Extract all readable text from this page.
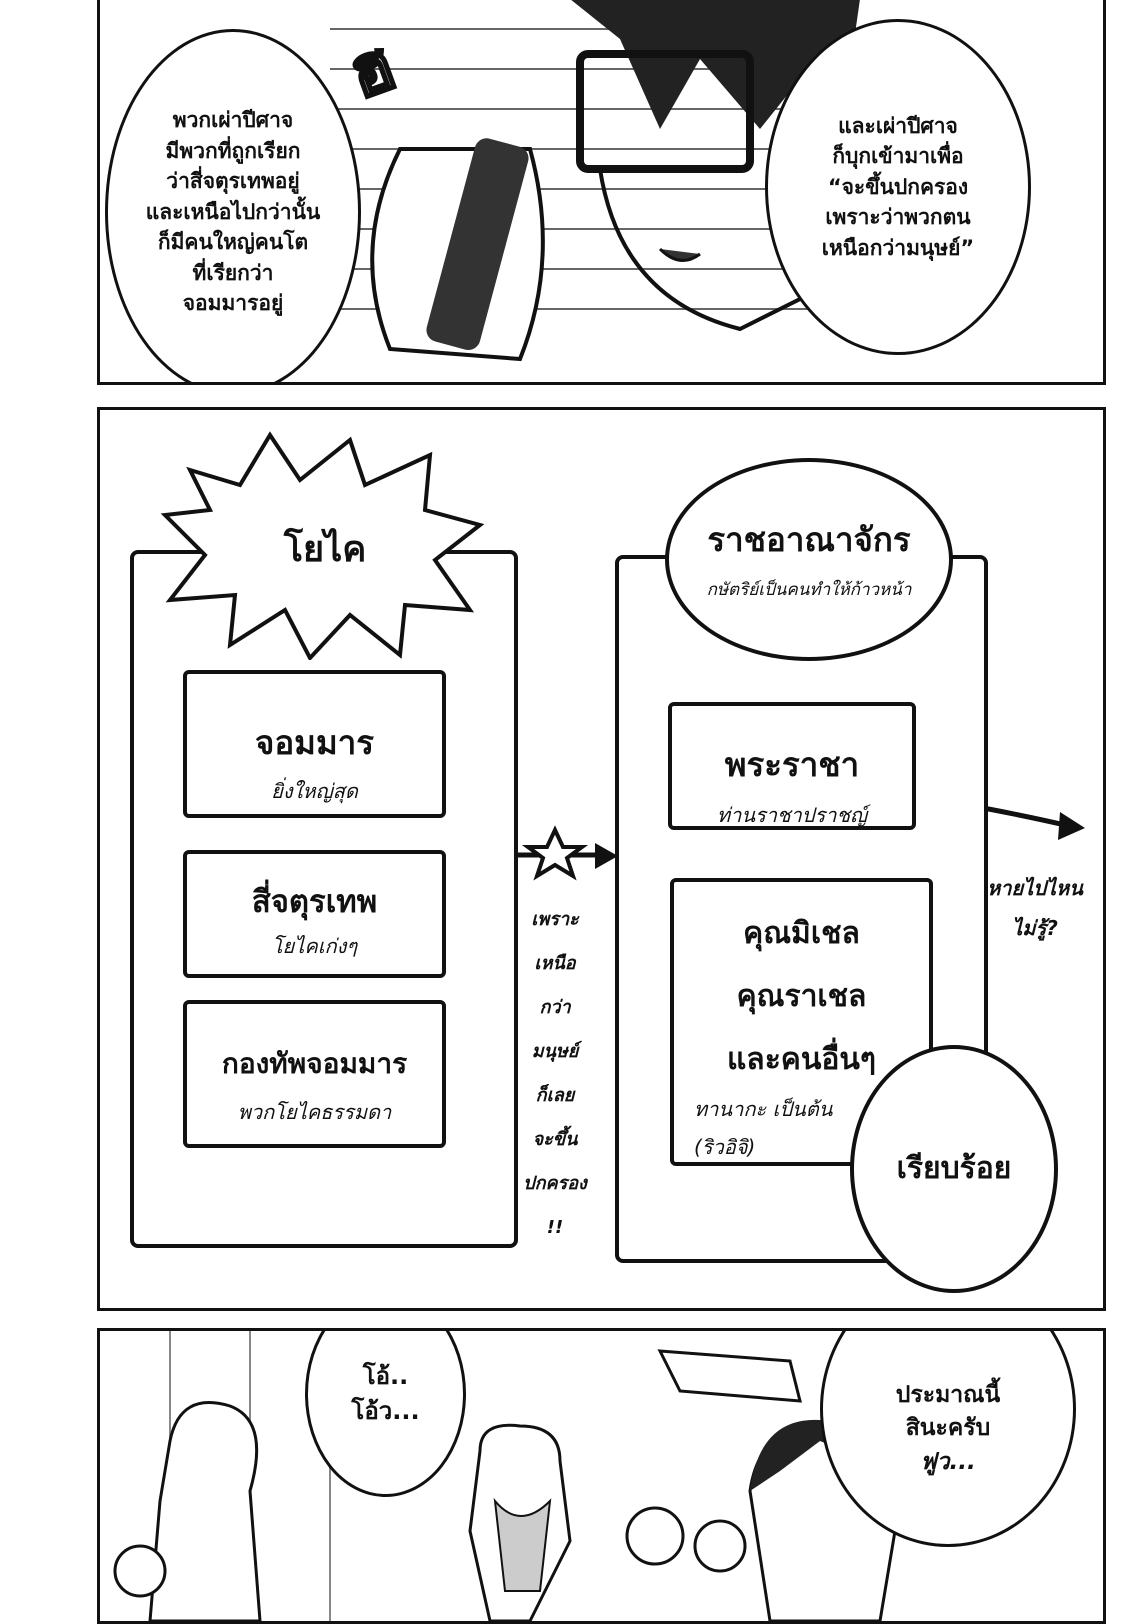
ฮ

พวกเผ่าปีศาจ

มีพวกที่ถูกเรียก

ว่าสี่จตุรเทพอยู่

และเหนือไปกว่านั้น

ก็มีคนใหญ่คนโต

ที่เรียกว่า

จอมมารอยู่

และเผ่าปีศาจ

ก็บุกเข้ามาเพื่อ

“จะขึ้นปกครอง

เพราะว่าพวกตน

เหนือกว่ามนุษย์”

โยไค
จอมมาร
ยิ่งใหญ่สุด
สี่จตุรเทพ
โยไคเก่งๆ
กองทัพจอมมาร
พวกโยไคธรรมดา
เพราะ
เหนือ
กว่า
มนุษย์
ก็เลย
จะขึ้น
ปกครอง
!!

ราชอาณาจักร

กษัตริย์เป็นคนทำให้ก้าวหน้า

พระราชา
ท่านราชาปราชญ์
คุณมิเชล
คุณราเชล
และคนอื่นๆ
ทานากะ เป็นต้น
(ริวอิจิ)

เรียบร้อย

หายไปไหน
ไม่รู้?

โอ้..

โอ้ว...

ประมาณนี้

สินะครับ

ฟูว...
